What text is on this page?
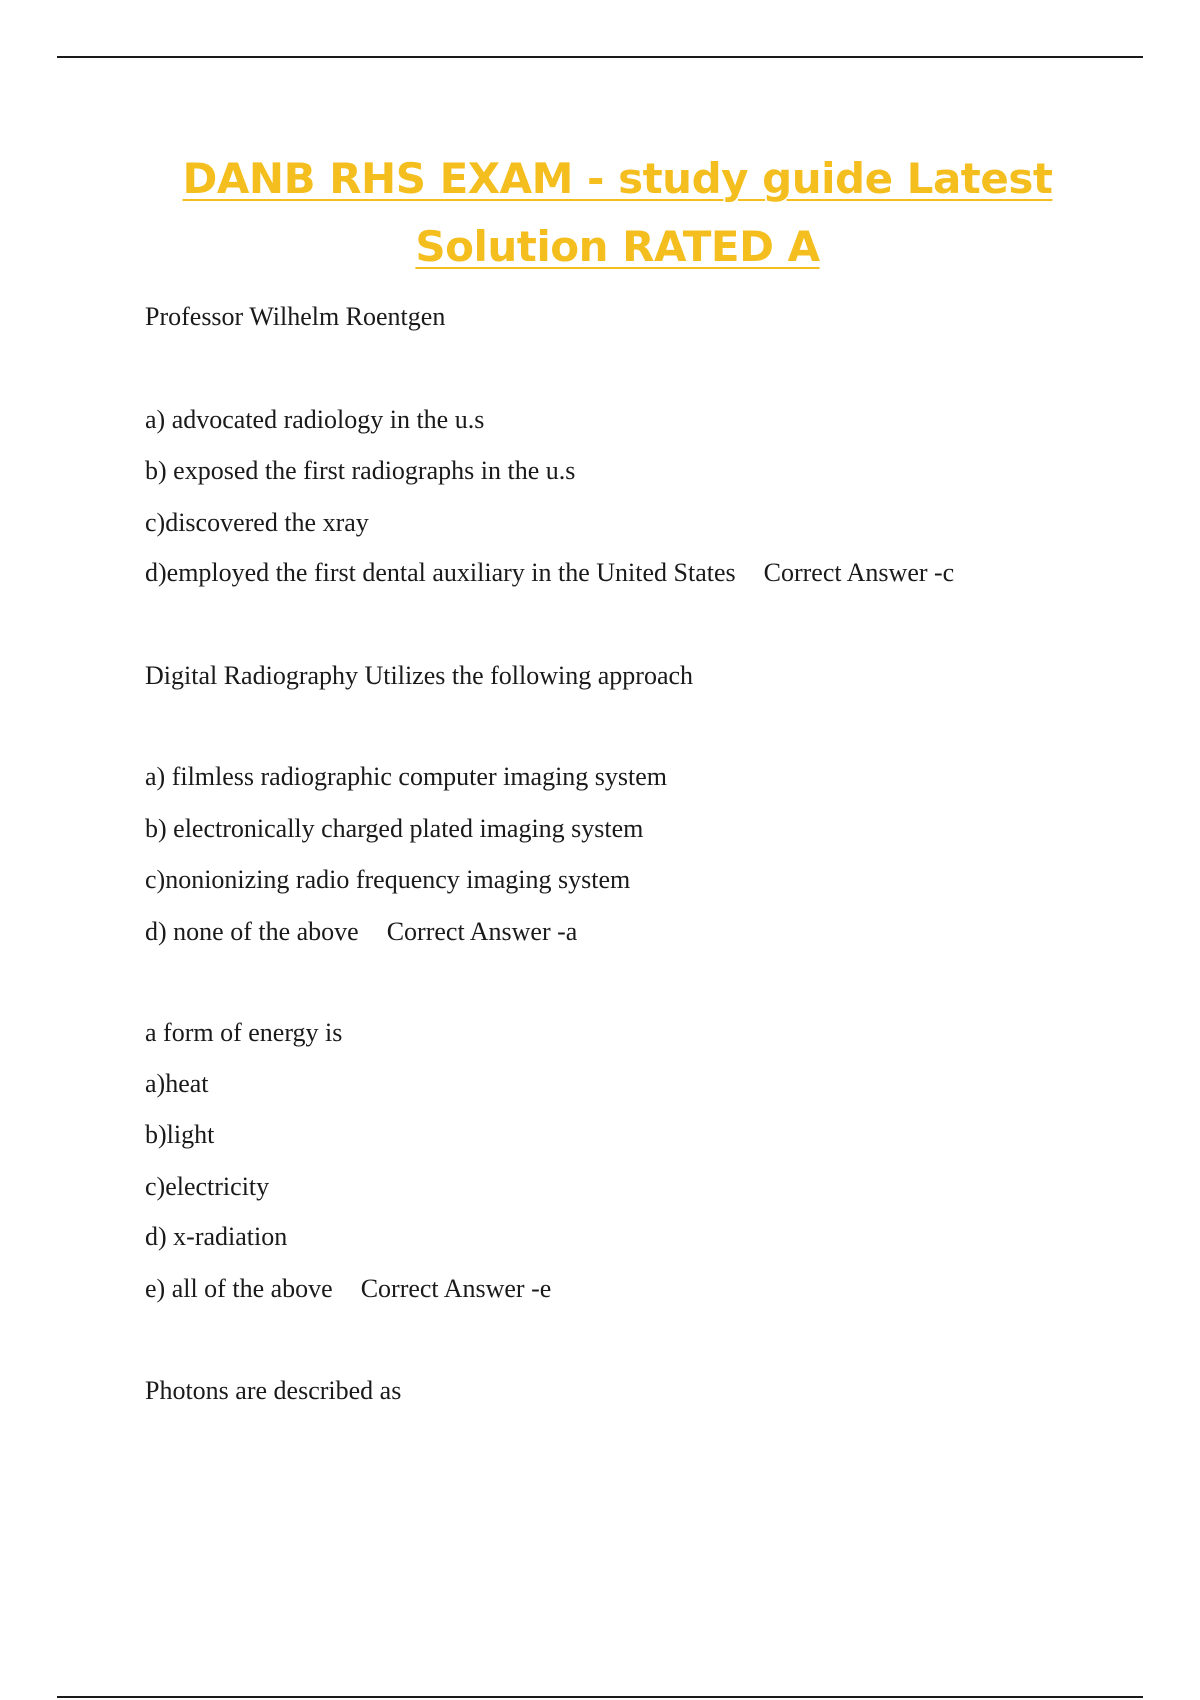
DANB RHS EXAM - study guide Latest
Solution RATED A
Professor Wilhelm Roentgen
a) advocated radiology in the u.s
b) exposed the first radiographs in the u.s
c)discovered the xray
d)employed the first dental auxiliary in the United States Correct Answer -c
Digital Radiography Utilizes the following approach
a) filmless radiographic computer imaging system
b) electronically charged plated imaging system
c)nonionizing radio frequency imaging system
d) none of the above Correct Answer -a
a form of energy is
a)heat
b)light
c)electricity
d) x-radiation
e) all of the above Correct Answer -e
Photons are described as
